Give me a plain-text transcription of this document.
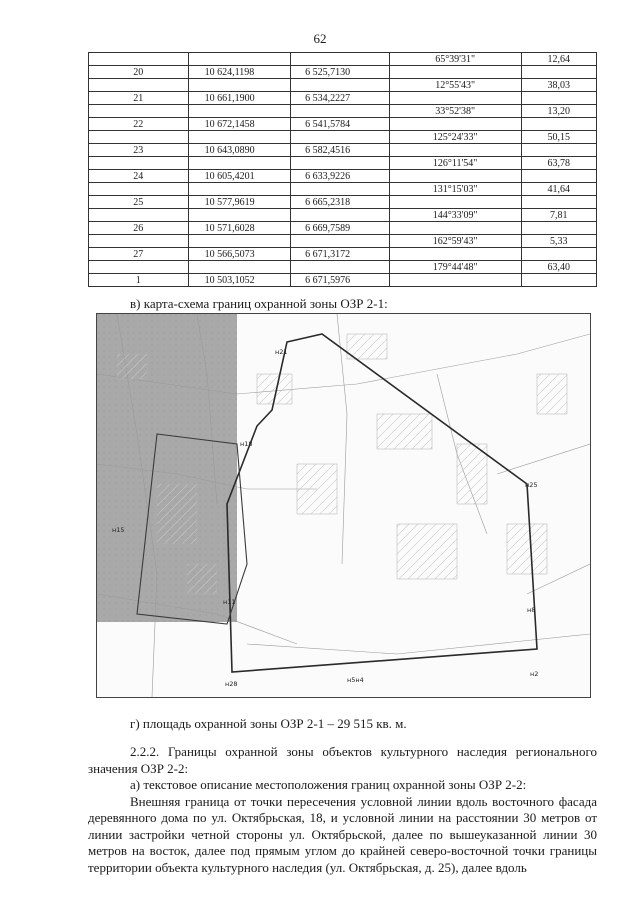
62
			65°39'31"	12,64
20	10 624,1198	6 525,7130		
			12°55'43"	38,03
21	10 661,1900	6 534,2227		
			33°52'38"	13,20
22	10 672,1458	6 541,5784		
			125°24'33"	50,15
23	10 643,0890	6 582,4516		
			126°11'54"	63,78
24	10 605,4201	6 633,9226		
			131°15'03"	41,64
25	10 577,9619	6 665,2318		
			144°33'09"	7,81
26	10 571,6028	6 669,7589		
			162°59'43"	5,33
27	10 566,5073	6 671,3172		
			179°44'48"	63,40
1	10 503,1052	6 671,5976		
в) карта-схема границ охранной зоны ОЗР 2-1:
н21
н18
н25
н15
н11
н8
н2
н5н4
н28
г) площадь охранной зоны ОЗР 2-1 – 29 515 кв. м.

2.2.2. Границы охранной зоны объектов культурного наследия регионального значения ОЗР 2-2:

а) текстовое описание местоположения границ охранной зоны ОЗР 2-2:

Внешняя граница от точки пересечения условной линии вдоль восточного фасада деревянного дома по ул. Октябрьская, 18, и условной линии на расстоянии 30 метров от линии застройки четной стороны ул. Октябрьской, далее по вышеуказанной линии 30 метров на восток, далее под прямым углом до крайней северо-восточной точки границы территории объекта культурного наследия (ул. Октябрьская, д. 25), далее вдоль
